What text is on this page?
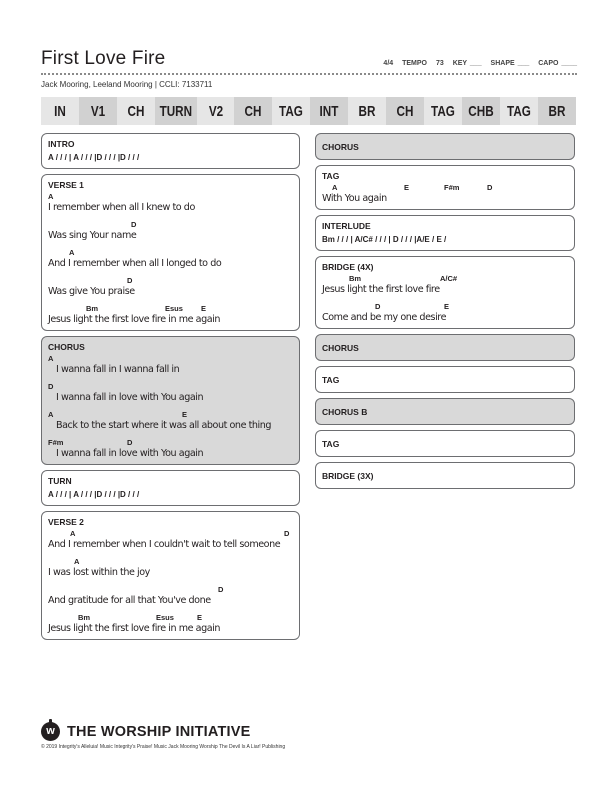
First Love Fire	4/4 TEMPO 73 KEY ___ SHAPE ___ CAPO ____
Jack Mooring, Leeland Mooring | CCLI: 7133711
IN	V1	CH	TURN	V2	CH	TAG	INT	BR	CH	TAG CHB TAG	BR
INTRO
A / / / | A / / / |D / / / |D / / /
VERSE 1
A
I remember when all I knew to do
D
Was sing Your name
A
And I remember when all I longed to do
D
Was give You praise
Bm	Esus E
Jesus light the first love fire in me again
CHORUS
A
I wanna fall in I wanna fall in
D
I wanna fall in love with You again
A	E
Back to the start where it was all about one thing
F#m	D
I wanna fall in love with You again
TURN
A / / / | A / / / |D / / / |D / / /
VERSE 2
A	D
And I remember when I couldn't wait to tell someone
A
I was lost within the joy
D
And gratitude for all that You've done
Bm	Esus	E
Jesus light the first love fire in me again
CHORUS
TAG
A	E	F#m	D
With You again
INTERLUDE
Bm / / / | A/C# / / / | D / / / |A/E / E /
BRIDGE (4X)
Bm	A/C#
Jesus light the first love fire
D	E
Come and be my one desire
CHORUS
TAG
CHORUS B
TAG
BRIDGE (3X)
w THE WORSHIP INITIATIVE
© 2019 Integrity's Alleluia! Music Integrity's Praise! Music Jack Mooring Worship The Devil Is A Liar! Publishing
